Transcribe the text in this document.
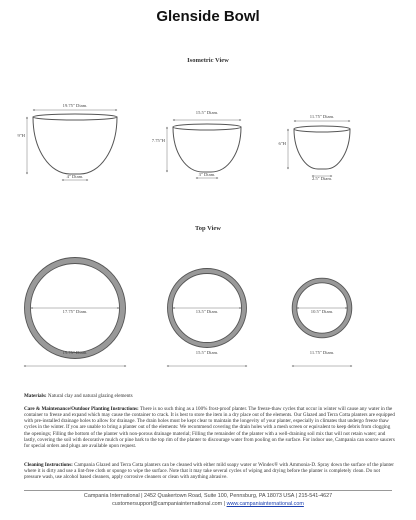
Glenside Bowl
Isometric View
19.75" Diam.
9"H
4" Diam.
15.5" Diam.
7.75"H
3" Diam.
11.75" Diam.
6"H
2.5" Diam.
Top View
17.75" Diam.
19.75" Diam.
13.5" Diam.
15.5" Diam.
10.5" Diam.
11.75" Diam.
Materials: Natural clay and natural glazing elements
Care & Maintenance/Outdoor Planting Instructions: There is no such thing as a 100% frost-proof planter. The freeze-thaw cycles that occur in winter will cause any water in the container to freeze and expand which may cause the container to crack. It is best to store the item in a dry place out of the elements. Our Glazed and Terra Cotta planters are equipped with pre-installed drainage holes to allow for drainage. The drain holes must be kept clear to maintain the longevity of your planter, especially in climates that undergo freeze thaw cycles in the winter. If you are unable to bring a planter out of the elements: We recommend covering the drain holes with a mesh screen or equivalent to keep debris from clogging the openings; Filling the bottom of the planter with non-porous drainage material; Filling the remainder of the planter with a well-draining soil mix that will not retain water; and lastly, covering the soil with decorative mulch or pine bark to the top rim of the planter to discourage water from pooling on the surface. For indoor use, Campania can source saucers for special orders and plugs are available upon request.
Cleaning Instructions: Campania Glazed and Terra Cotta planters can be cleaned with either mild soapy water or Windex® with Ammonia-D. Spray down the surface of the planter where it is dirty and use a lint-free cloth or sponge to wipe the surface. Note that it may take several cycles of wiping and drying before the planter is completely clean. Do not pressure wash, use alcohol based cleaners, apply corrosive cleaners or clean with anything abrasive.
Campania International | 2452 Quakertown Road, Suite 100, Pennsburg, PA 18073 USA | 215-541-4627
customersupport@campaniainternational.com | www.campaniainternational.com
